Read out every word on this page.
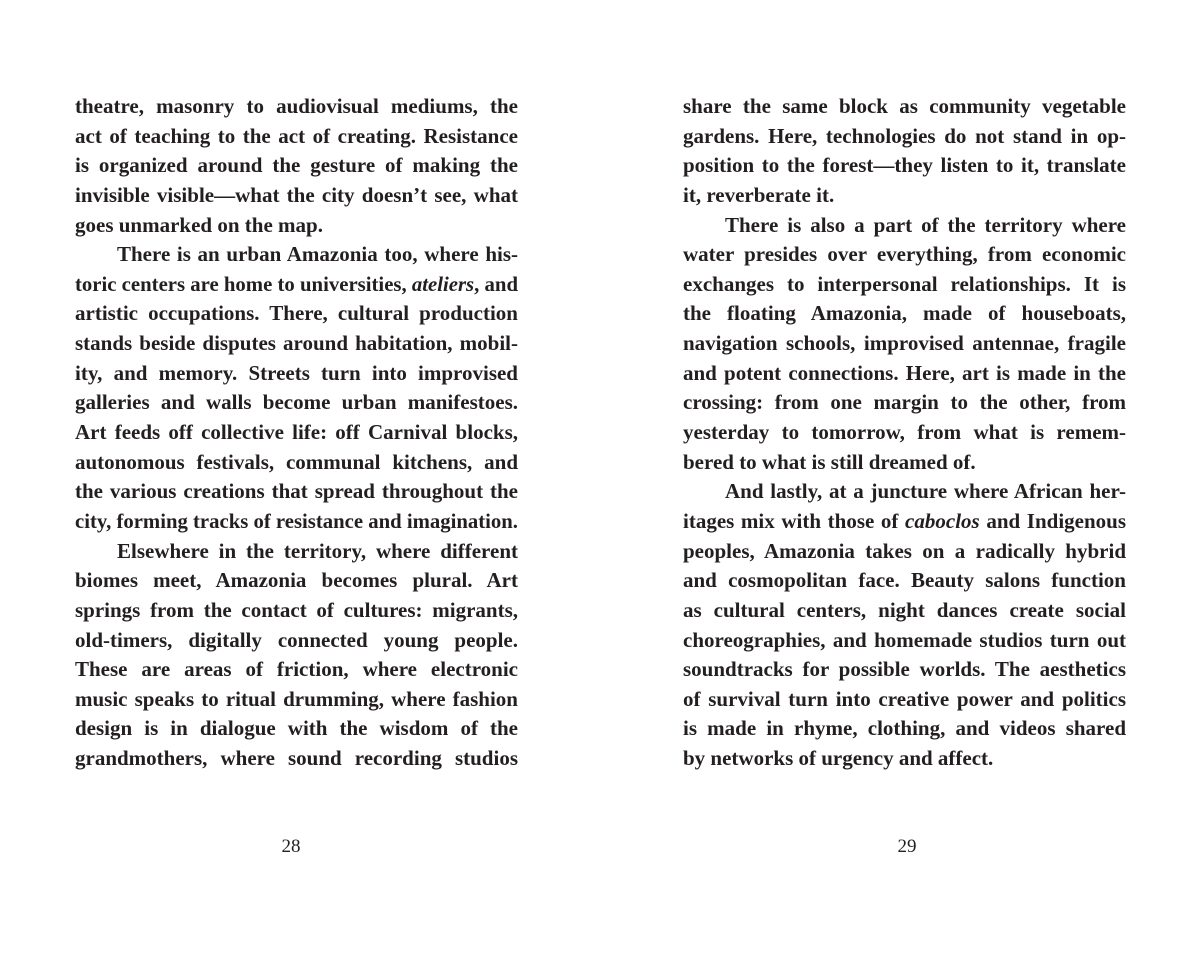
theatre, masonry to audiovisual mediums, the
act of teaching to the act of creating. Resistance
is organized around the gesture of making the
invisible visible—what the city doesn’t see, what
goes unmarked on the map.
There is an urban Amazonia too, where his-
toric centers are home to universities, ateliers, and
artistic occupations. There, cultural production
stands beside disputes around habitation, mobil-
ity, and memory. Streets turn into improvised
galleries and walls become urban manifestoes.
Art feeds off collective life: off Carnival blocks,
autonomous festivals, communal kitchens, and
the various creations that spread throughout the
city, forming tracks of resistance and imagination.
Elsewhere in the territory, where different
biomes meet, Amazonia becomes plural. Art
springs from the contact of cultures: migrants,
old-timers, digitally connected young people.
These are areas of friction, where electronic
music speaks to ritual drumming, where fashion
design is in dialogue with the wisdom of the
grandmothers, where sound recording studios
28
share the same block as community vegetable
gardens. Here, technologies do not stand in op-
position to the forest—they listen to it, translate
it, reverberate it.
There is also a part of the territory where
water presides over everything, from economic
exchanges to interpersonal relationships. It is
the floating Amazonia, made of houseboats,
navigation schools, improvised antennae, fragile
and potent connections. Here, art is made in the
crossing: from one margin to the other, from
yesterday to tomorrow, from what is remem-
bered to what is still dreamed of.
And lastly, at a juncture where African her-
itages mix with those of caboclos and Indigenous
peoples, Amazonia takes on a radically hybrid
and cosmopolitan face. Beauty salons function
as cultural centers, night dances create social
choreographies, and homemade studios turn out
soundtracks for possible worlds. The aesthetics
of survival turn into creative power and politics
is made in rhyme, clothing, and videos shared
by networks of urgency and affect.
29
